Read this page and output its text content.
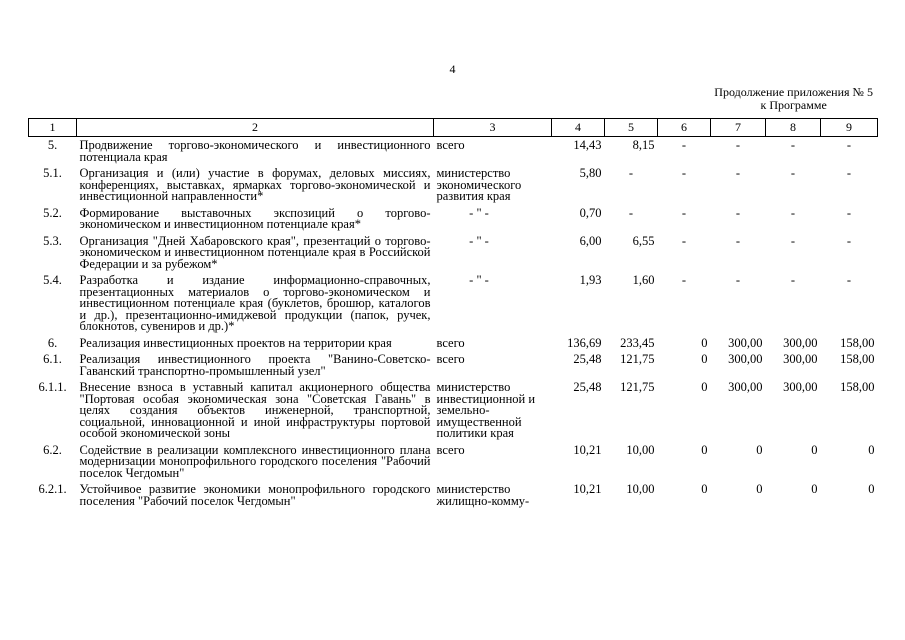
4
Продолжение приложения № 5
к Программе
1	2	3	4	5	6	7	8	9
5.	Продвижение торгово-экономического и инвестиционного потенциала края	всего	14,43	8,15	-	-	-	-
5.1.	Организация и (или) участие в форумах, деловых миссиях, конференциях, выставках, ярмарках торгово-экономической и инвестиционной направленности*	министерство экономического развития края	5,80	-	-	-	-	-
5.2.	Формирование выставочных экспозиций о торгово-экономическом и инвестиционном потенциале края*	- " -	0,70	-	-	-	-	-
5.3.	Организация "Дней Хабаровского края", презентаций о торгово-экономическом и инвестиционном потенциале края в Российской Федерации и за рубежом*	- " -	6,00	6,55	-	-	-	-
5.4.	Разработка и издание информационно-справочных, презентационных материалов о торгово-экономическом и инвестиционном потенциале края (буклетов, брошюр, каталогов и др.), презентационно-имиджевой продукции (папок, ручек, блокнотов, сувениров и др.)*	- " -	1,93	1,60	-	-	-	-
6.	Реализация инвестиционных проектов на территории края	всего	136,69	233,45	0	300,00	300,00	158,00
6.1.	Реализация инвестиционного проекта "Ванино-Советско-Гаванский транспортно-промышленный узел"	всего	25,48	121,75	0	300,00	300,00	158,00
6.1.1.	Внесение взноса в уставный капитал акционерного общества "Портовая особая экономическая зона "Советская Гавань" в целях создания объектов инженерной, транспортной, социальной, инновационной и иной инфраструктуры портовой особой экономической зоны	министерство инвестиционной и земельно-имущественной политики края	25,48	121,75	0	300,00	300,00	158,00
6.2.	Содействие в реализации комплексного инвестиционного плана модернизации монопрофильного городского поселения "Рабочий поселок Чегдомын"	всего	10,21	10,00	0	0	0	0
6.2.1.	Устойчивое развитие экономики монопрофильного городского поселения "Рабочий поселок Чегдомын"	министерство жилищно-комму-	10,21	10,00	0	0	0	0
